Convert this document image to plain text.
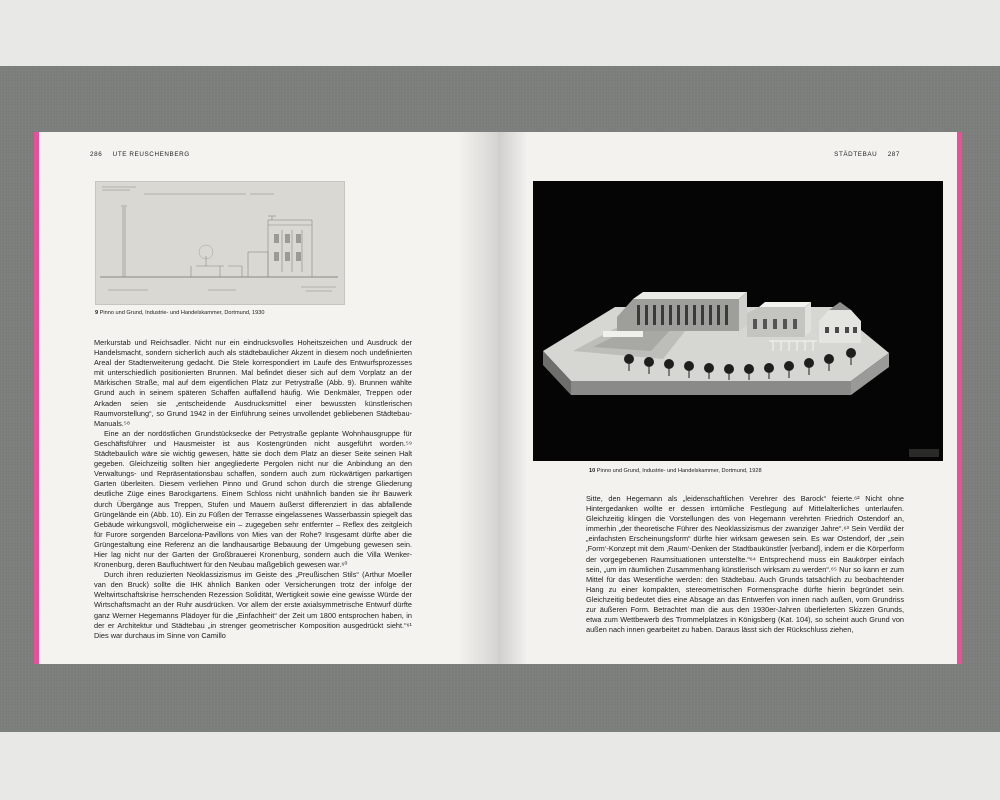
286 UTE REUSCHENBERG
9 Pinno und Grund, Industrie- und Handelskammer, Dortmund, 1930

Merkurstab und Reichsadler. Nicht nur ein eindrucksvolles Hoheitszeichen und Ausdruck der Handelsmacht, sondern sicherlich auch als städtebaulicher Akzent in diesem noch undefinierten Areal der Stadterweiterung gedacht. Die Stele korrespondiert im Laufe des Entwurfsprozesses mit unterschiedlich positionierten Brunnen. Mal befindet dieser sich auf dem Vorplatz an der Märkischen Straße, mal auf dem eigentlichen Platz zur Petrystraße (Abb. 9). Brunnen wählte Grund auch in seinem späteren Schaffen auffallend häufig. Wie Denkmäler, Treppen oder Arkaden seien sie „entscheidende Ausdrucksmittel einer bewussten künstlerischen Raumvorstellung“, so Grund 1942 in der Einführung seines unvollendet gebliebenen Städtebau-Manuals.⁵⁸

Eine an der nordöstlichen Grundstücksecke der Petrystraße geplante Wohnhausgruppe für Geschäftsführer und Hausmeister ist aus Kostengründen nicht ausgeführt worden.⁵⁹ Städtebaulich wäre sie wichtig gewesen, hätte sie doch dem Platz an dieser Seite seinen Halt gegeben. Gleichzeitig sollten hier angegliederte Pergolen nicht nur die Anbindung an den Verwaltungs- und Repräsentationsbau schaffen, sondern auch zum rückwärtigen parkartigen Garten überleiten. Diesem verliehen Pinno und Grund schon durch die strenge Gliederung deutliche Züge eines Barockgartens. Einem Schloss nicht unähnlich banden sie ihr Bauwerk durch Übergänge aus Treppen, Stufen und Mauern äußerst differenziert in das abfallende Grüngelände ein (Abb. 10). Ein zu Füßen der Terrasse eingelassenes Wasserbassin spiegelt das Gebäude wirkungsvoll, möglicherweise ein – zugegeben sehr entfernter – Reflex des zeitgleich für Furore sorgenden Barcelona-Pavillons von Mies van der Rohe? Insgesamt dürfte aber die Grüngestaltung eine Referenz an die landhausartige Bebauung der Umgebung gewesen sein. Hier lag nicht nur der Garten der Großbrauerei Kronenburg, sondern auch die Villa Wenker-Kronenburg, deren Baufluchtwert für den Neubau maßgeblich gewesen war.⁶⁰

Durch ihren reduzierten Neoklassizismus im Geiste des „Preußischen Stils“ (Arthur Moeller van den Bruck) sollte die IHK ähnlich Banken oder Versicherungen trotz der infolge der Weltwirtschaftskrise herrschenden Rezession Solidität, Wertigkeit sowie eine gewisse Würde der Wirtschaftsmacht an der Ruhr ausdrücken. Vor allem der erste axialsymmetrische Entwurf dürfte ganz Werner Hegemanns Plädoyer für die „Einfachheit“ der Zeit um 1800 entsprochen haben, in der er Architektur und Städtebau „in strenger geometrischer Komposition ausgedrückt sieht.“⁶¹ Dies war durchaus im Sinne von Camillo

STÄDTEBAU 287
10 Pinno und Grund, Industrie- und Handelskammer, Dortmund, 1928

Sitte, den Hegemann als „leidenschaftlichen Verehrer des Barock“ feierte.⁶² Nicht ohne Hintergedanken wollte er dessen irrtümliche Festlegung auf Mittelalterliches unterlaufen. Gleichzeitig klingen die Vorstellungen des von Hegemann verehrten Friedrich Ostendorf an, immerhin „der theoretische Führer des Neoklassizismus der zwanziger Jahre“.⁶³ Sein Verdikt der „einfachsten Erscheinungsform“ dürfte hier wirksam gewesen sein. Es war Ostendorf, der „sein ‚Form‘-Konzept mit dem ‚Raum‘-Denken der Stadtbaukünstler [verband], indem er die Körperform der vorgegebenen Raumsituationen unterstellte.“⁶⁴ Entsprechend muss ein Baukörper einfach sein, „um im räumlichen Zusammenhang künstlerisch wirksam zu werden“.⁶⁵ Nur so kann er zum Mittel für das Wesentliche werden: den Städtebau. Auch Grunds tatsächlich zu beobachtender Hang zu einer kompakten, stereometrischen Formensprache dürfte hierin begründet sein. Gleichzeitig bedeutet dies eine Absage an das Entwerfen von innen nach außen, vom Grundriss zur äußeren Form. Betrachtet man die aus den 1930er-Jahren überlieferten Skizzen Grunds, etwa zum Wettbewerb des Trommelplatzes in Königsberg (Kat. 104), so scheint auch Grund von außen nach innen gearbeitet zu haben. Daraus lässt sich der Rückschluss ziehen,
